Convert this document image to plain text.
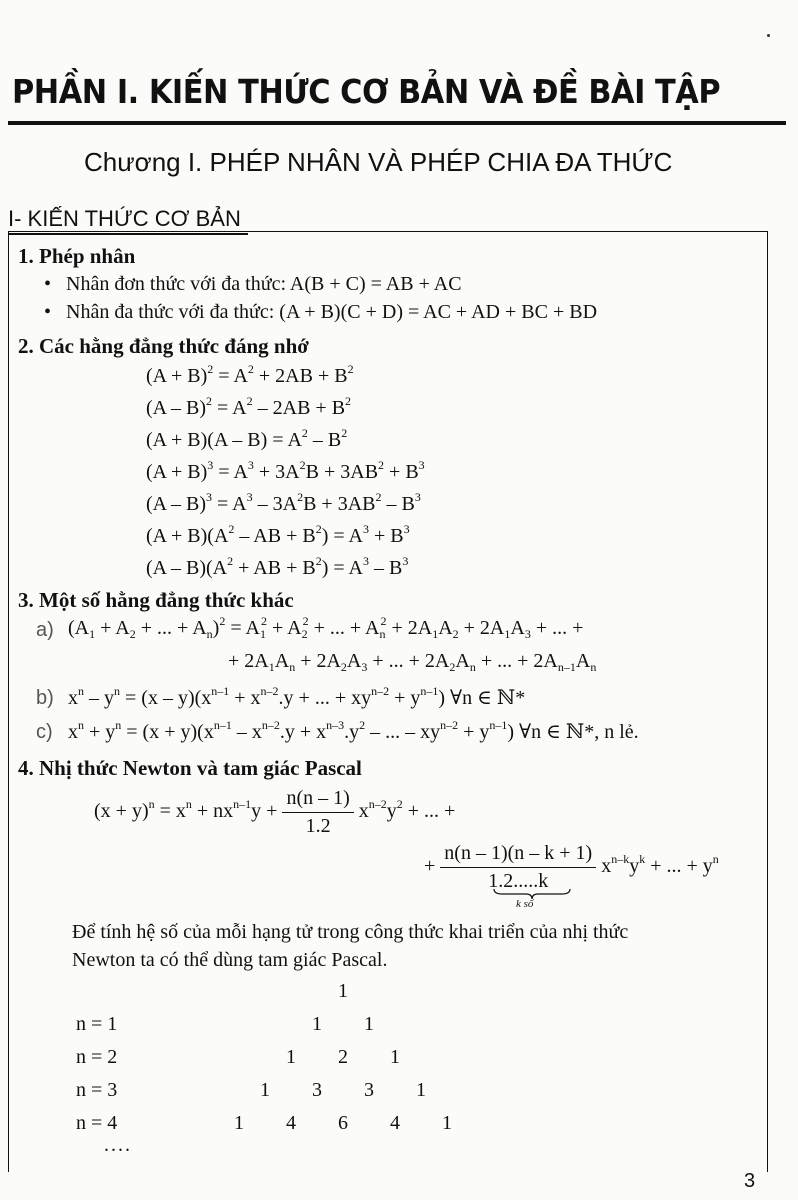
PHẦN I. KIẾN THỨC CƠ BẢN VÀ ĐỀ BÀI TẬP
Chương I. PHÉP NHÂN VÀ PHÉP CHIA ĐA THỨC
I- KIẾN THỨC CƠ BẢN
1. Phép nhân
• Nhân đơn thức với đa thức: A(B + C) = AB + AC
• Nhân đa thức với đa thức: (A + B)(C + D) = AC + AD + BC + BD
2. Các hằng đẳng thức đáng nhớ
$(A + B)^2 = A^2 + 2AB + B^2$
$(A - B)^2 = A^2 - 2AB + B^2$
$(A + B)(A - B) = A^2 - B^2$
$(A + B)^3 = A^3 + 3A^2B + 3AB^2 + B^3$
$(A - B)^3 = A^3 - 3A^2B + 3AB^2 - B^3$
$(A + B)(A^2$ – AB + $B^2) = A^3 + B^3$
$(A - B)(A^2$ + AB + $B^2) = A^3 - B^3$
3. Một số hằng đẳng thức khác
a) ($A_1 + A_2$ + ... + $A_n)^2 = A_1^2 + A_2^2$ + ... + $A_n^2 + 2A_1A_2 + 2A_1A_3$ + ... +
+ $2A_1A_n + 2A_2A_3$ + ... + $2A_2A_n$ + ... + $2A_{n-1}A_n$
b) $x^n - y^n = (x - y)(x^{n-1} + x^{n-2}.y$ + ... + $xy^{n-2} + y^{n-1}$) ∀n ∈ ℕ*
c) $x^n + y^n = (x + y)(x^{n-1} - x^{n-2}.y + x^{n-3}.y^2$ – ... – $xy^{n-2} + y^{n-1}$) ∀n ∈ ℕ*, n lẻ.
4. Nhị thức Newton và tam giác Pascal
$(x + y)^n = x^n + nx^{n-1}y + \frac{n(n - 1)}{1.2} x^{n-2}y^2$ + ... +
+ $\frac{n(n - 1)(n - k + 1)}{1.2.....k} x^{n-k}y^k$ + ... + $y^n$
k số
Để tính hệ số của mỗi hạng tử trong công thức khai triển của nhị thức
Newton ta có thể dùng tam giác Pascal.
1
n = 1	1 1
n = 2	1 2 1
n = 3	1 3 3 1
n = 4	1 4 6 4 1
....
3
